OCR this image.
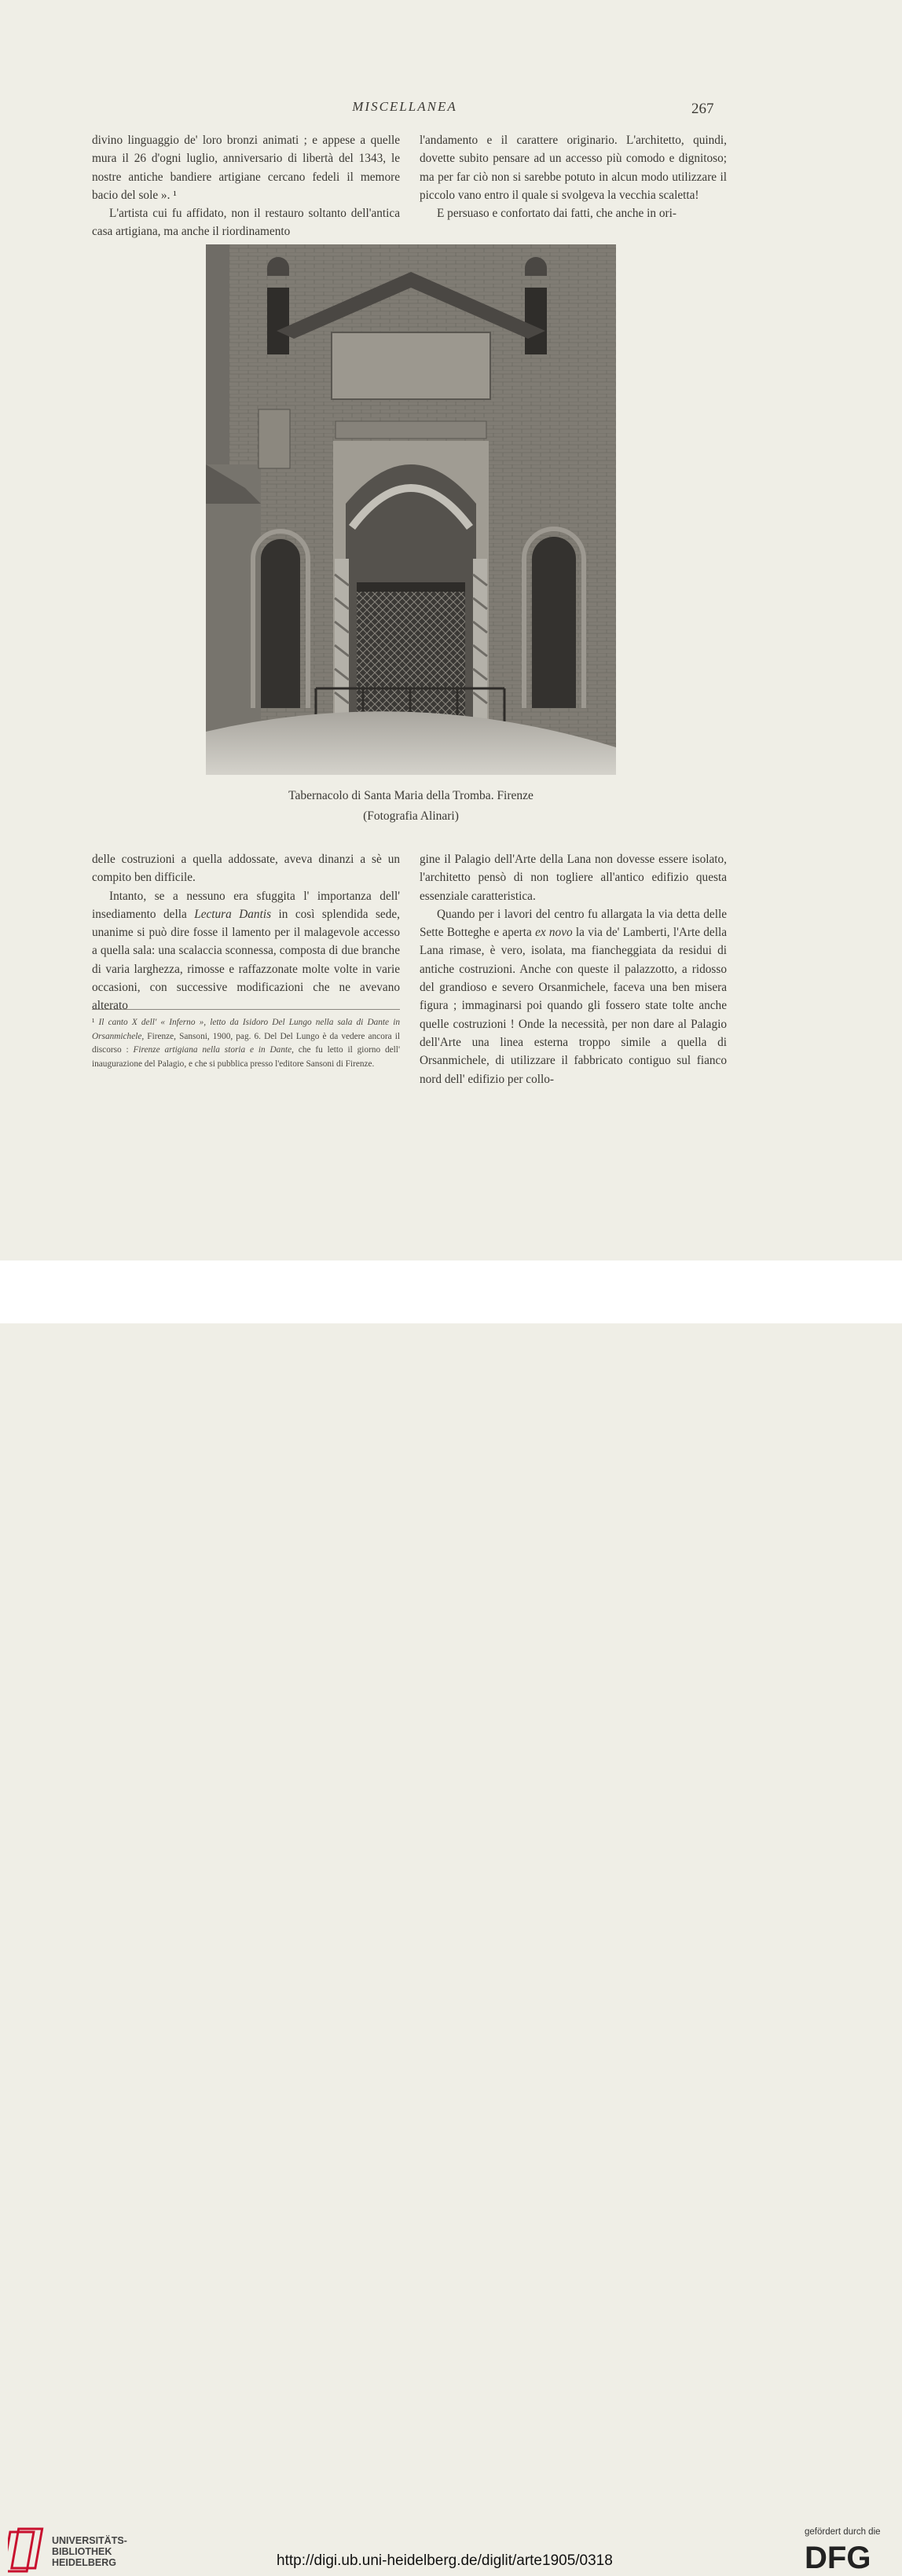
MISCELLANEA	267

divino linguaggio de' loro bronzi animati ; e appese a quelle mura il 26 d'ogni luglio, anniversario di libertà del 1343, le nostre antiche bandiere artigiane cercano fedeli il memore bacio del sole ». ¹

L'artista cui fu affidato, non il restauro soltanto dell'antica casa artigiana, ma anche il riordinamento

l'andamento e il carattere originario. L'architetto, quindi, dovette subito pensare ad un accesso più comodo e dignitoso; ma per far ciò non si sarebbe potuto in alcun modo utilizzare il piccolo vano entro il quale si svolgeva la vecchia scaletta!

E persuaso e confortato dai fatti, che anche in ori-

Tabernacolo di Santa Maria della Tromba. Firenze
(Fotografia Alinari)

delle costruzioni a quella addossate, aveva dinanzi a sè un compito ben difficile.

Intanto, se a nessuno era sfuggita l' importanza dell' insediamento della Lectura Dantis in così splendida sede, unanime si può dire fosse il lamento per il malagevole accesso a quella sala: una scalaccia sconnessa, composta di due branche di varia larghezza, rimosse e raffazzonate molte volte in varie occasioni, con successive modificazioni che ne avevano alterato

¹ Il canto X dell' « Inferno », letto da Isidoro Del Lungo nella sala di Dante in Orsanmichele, Firenze, Sansoni, 1900, pag. 6. Del Del Lungo è da vedere ancora il discorso : Firenze artigiana nella storia e in Dante, che fu letto il giorno dell' inaugurazione del Palagio, e che si pubblica presso l'editore Sansoni di Firenze.

gine il Palagio dell'Arte della Lana non dovesse essere isolato, l'architetto pensò di non togliere all'antico edifizio questa essenziale caratteristica.

Quando per i lavori del centro fu allargata la via detta delle Sette Botteghe e aperta ex novo la via de' Lamberti, l'Arte della Lana rimase, è vero, isolata, ma fiancheggiata da residui di antiche costruzioni. Anche con queste il palazzotto, a ridosso del grandioso e severo Orsanmichele, faceva una ben misera figura ; immaginarsi poi quando gli fossero state tolte anche quelle costruzioni ! Onde la necessità, per non dare al Palagio dell'Arte una linea esterna troppo simile a quella di Orsanmichele, di utilizzare il fabbricato contiguo sul fianco nord dell' edifizio per collo-

UNIVERSITÄTS-
BIBLIOTHEK
HEIDELBERG	http://digi.ub.uni-heidelberg.de/diglit/arte1905/0318
gefördert durch die
DFG
